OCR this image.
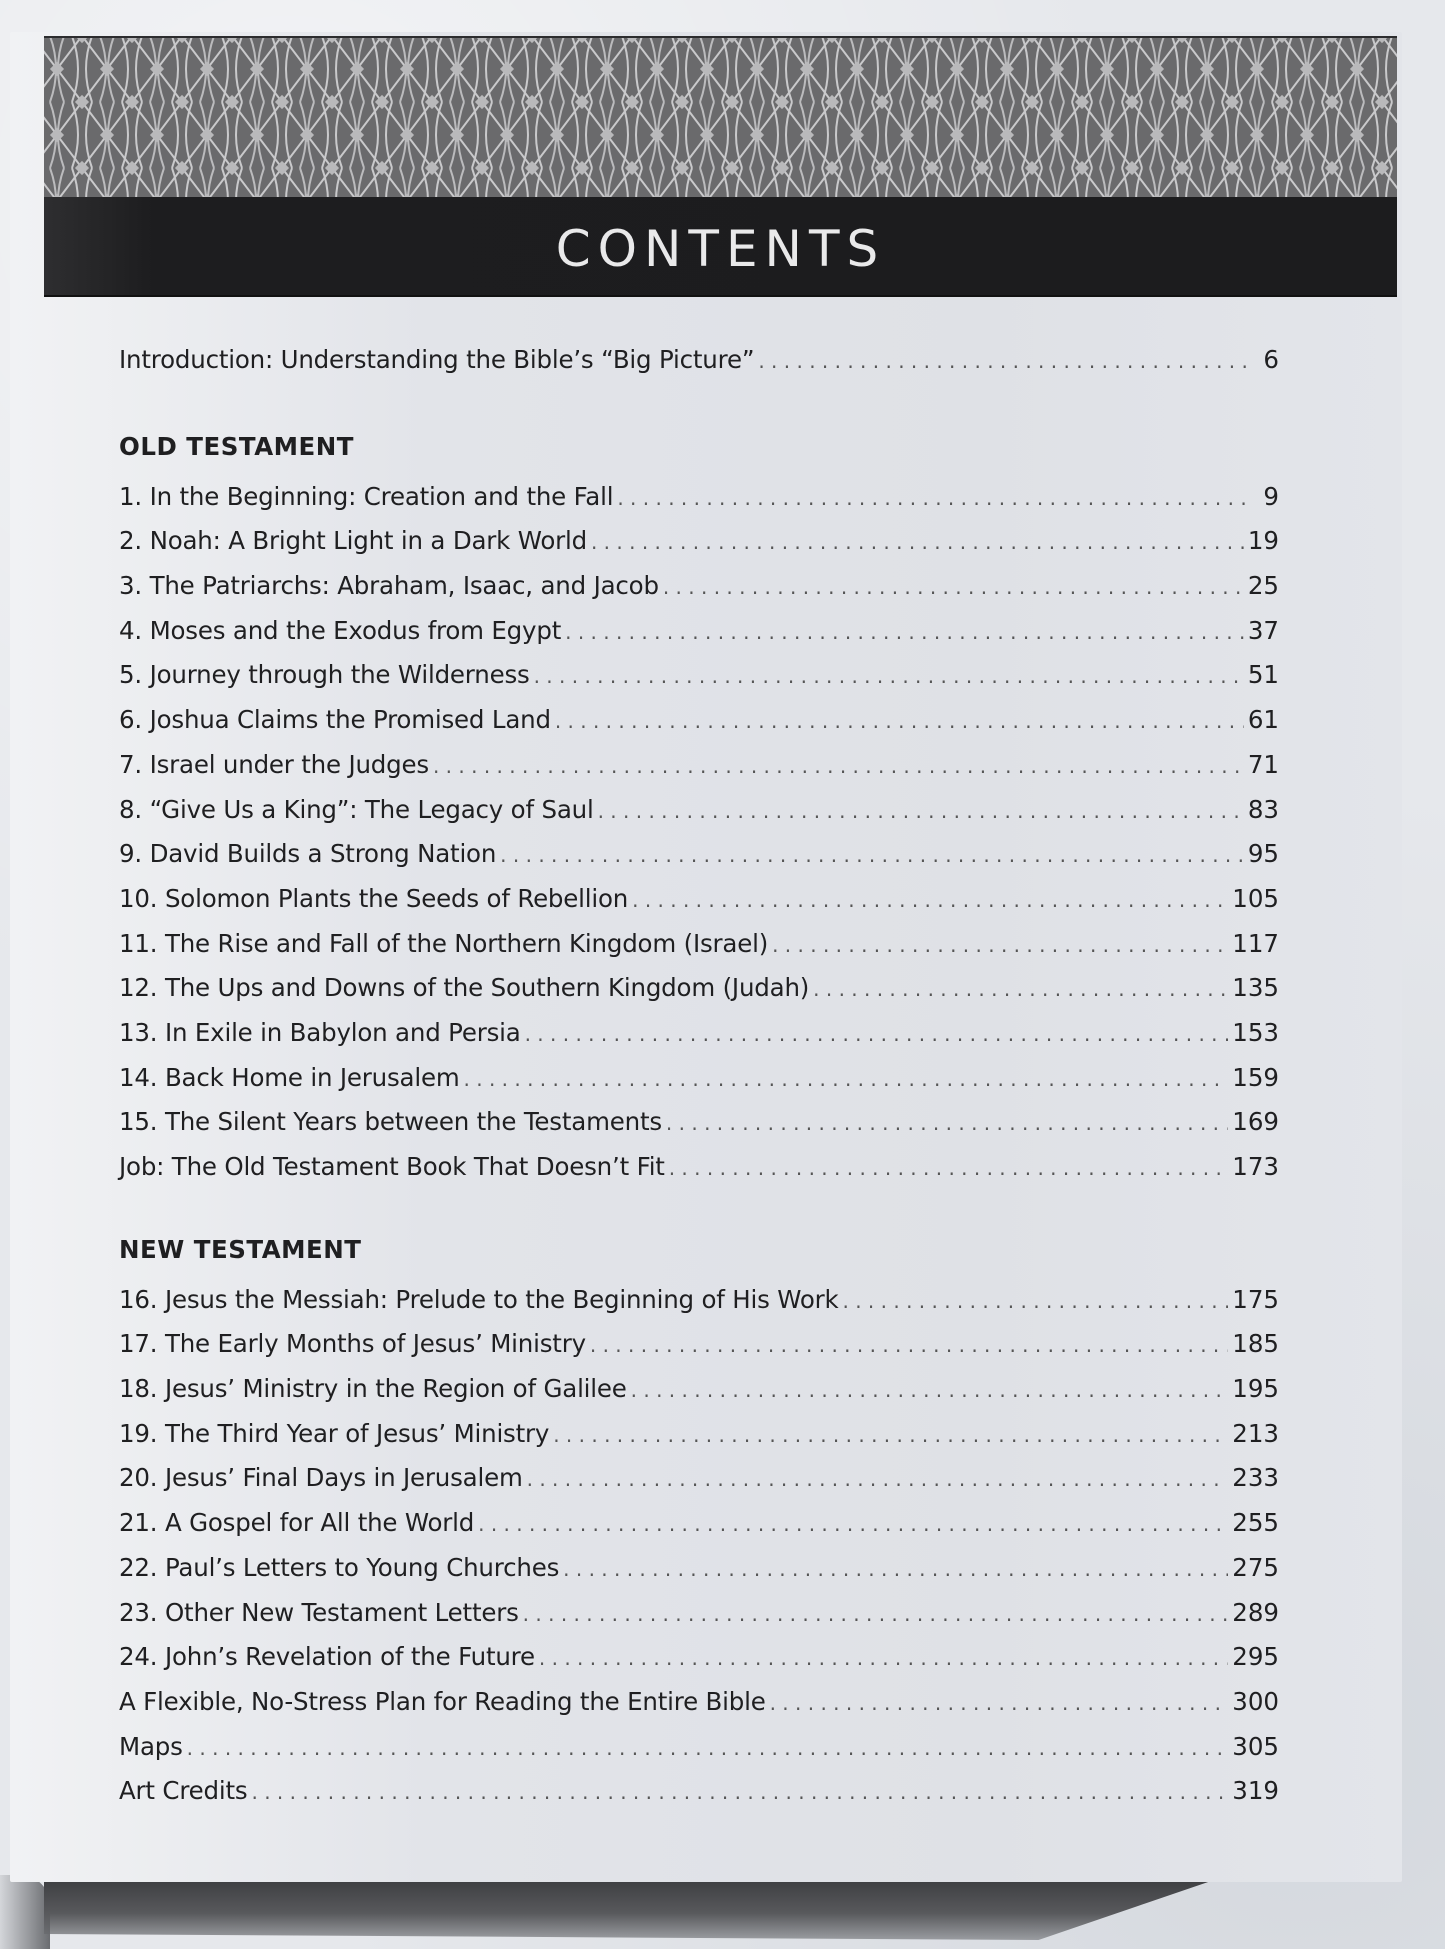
CONTENTS
Introduction: Understanding the Bible’s “Big Picture” . . .	6
OLD TESTAMENT
1. In the Beginning: Creation and the Fall . . .	9
2. Noah: A Bright Light in a Dark World . . .	19
3. The Patriarchs: Abraham, Isaac, and Jacob . . .	25
4. Moses and the Exodus from Egypt . . .	37
5. Journey through the Wilderness . . .	51
6. Joshua Claims the Promised Land . . .	61
7. Israel under the Judges . . .	71
8. “Give Us a King”: The Legacy of Saul . . .	83
9. David Builds a Strong Nation . . .	95
10. Solomon Plants the Seeds of Rebellion . . .	105
11. The Rise and Fall of the Northern Kingdom (Israel) . . .	117
12. The Ups and Downs of the Southern Kingdom (Judah) . . .	135
13. In Exile in Babylon and Persia . . .	153
14. Back Home in Jerusalem . . .	159
15. The Silent Years between the Testaments . . .	169
Job: The Old Testament Book That Doesn’t Fit . . .	173
NEW TESTAMENT
16. Jesus the Messiah: Prelude to the Beginning of His Work . . .	175
17. The Early Months of Jesus’ Ministry . . .	185
18. Jesus’ Ministry in the Region of Galilee . . .	195
19. The Third Year of Jesus’ Ministry . . .	213
20. Jesus’ Final Days in Jerusalem . . .	233
21. A Gospel for All the World . . .	255
22. Paul’s Letters to Young Churches . . .	275
23. Other New Testament Letters . . .	289
24. John’s Revelation of the Future . . .	295
A Flexible, No-Stress Plan for Reading the Entire Bible . . .	300
Maps . . .	305
Art Credits . . .	319
